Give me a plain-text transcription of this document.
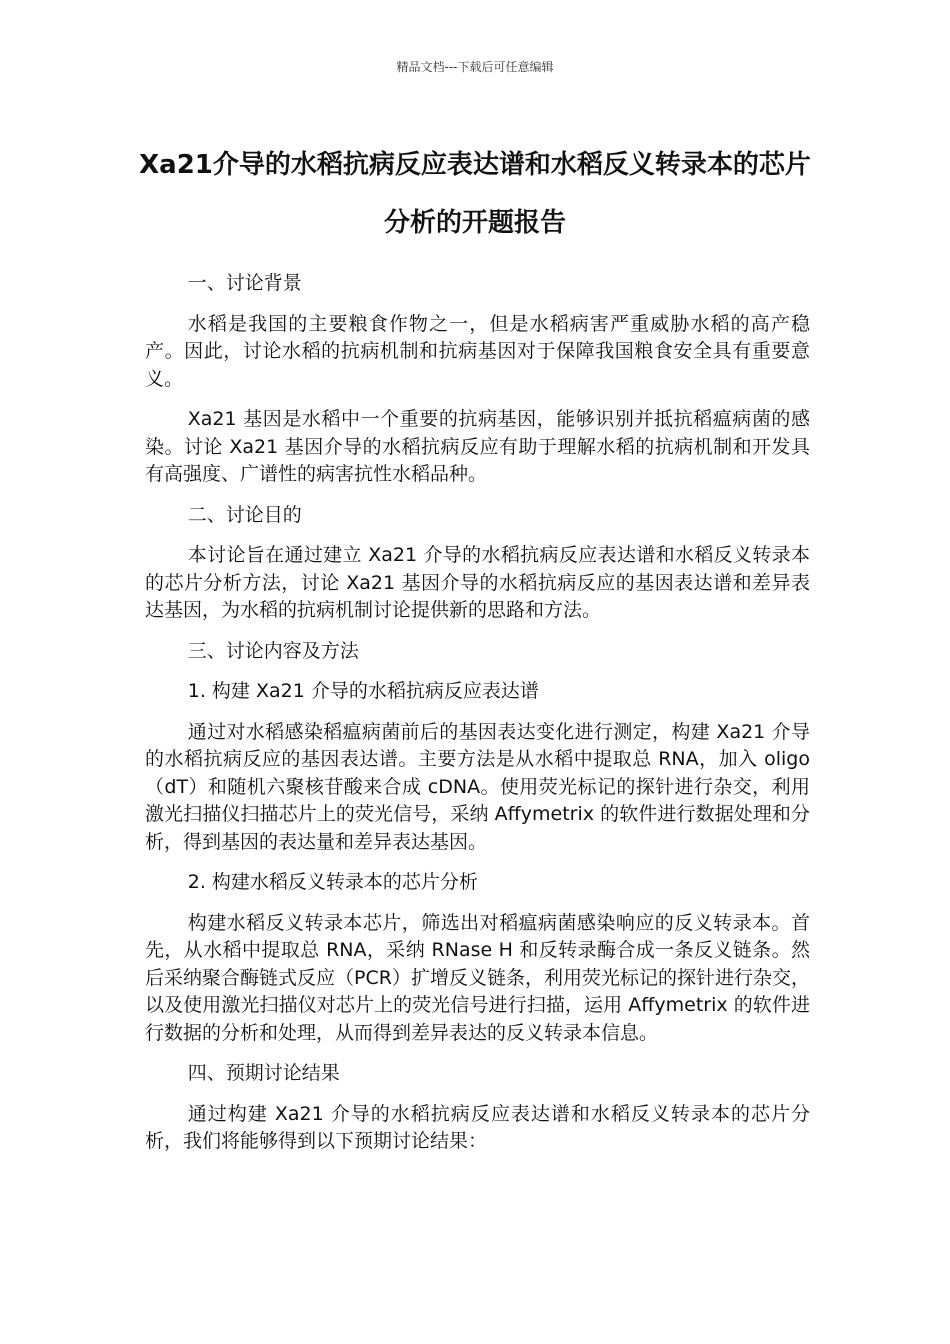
精品文档---下载后可任意编辑
Xa21介导的水稻抗病反应表达谱和水稻反义转录本的芯片分析的开题报告

一、讨论背景

水稻是我国的主要粮食作物之一，但是水稻病害严重威胁水稻的高产稳产。因此，讨论水稻的抗病机制和抗病基因对于保障我国粮食安全具有重要意义。

Xa21 基因是水稻中一个重要的抗病基因，能够识别并抵抗稻瘟病菌的感染。讨论 Xa21 基因介导的水稻抗病反应有助于理解水稻的抗病机制和开发具有高强度、广谱性的病害抗性水稻品种。

二、讨论目的

本讨论旨在通过建立 Xa21 介导的水稻抗病反应表达谱和水稻反义转录本的芯片分析方法，讨论 Xa21 基因介导的水稻抗病反应的基因表达谱和差异表达基因，为水稻的抗病机制讨论提供新的思路和方法。

三、讨论内容及方法

1. 构建 Xa21 介导的水稻抗病反应表达谱

通过对水稻感染稻瘟病菌前后的基因表达变化进行测定，构建 Xa21 介导的水稻抗病反应的基因表达谱。主要方法是从水稻中提取总 RNA，加入 oligo（dT）和随机六聚核苷酸来合成 cDNA。使用荧光标记的探针进行杂交，利用激光扫描仪扫描芯片上的荧光信号，采纳 Affymetrix 的软件进行数据处理和分析，得到基因的表达量和差异表达基因。

2. 构建水稻反义转录本的芯片分析

构建水稻反义转录本芯片，筛选出对稻瘟病菌感染响应的反义转录本。首先，从水稻中提取总 RNA，采纳 RNase H 和反转录酶合成一条反义链条。然后采纳聚合酶链式反应（PCR）扩增反义链条，利用荧光标记的探针进行杂交，以及使用激光扫描仪对芯片上的荧光信号进行扫描，运用 Affymetrix 的软件进行数据的分析和处理，从而得到差异表达的反义转录本信息。

四、预期讨论结果

通过构建 Xa21 介导的水稻抗病反应表达谱和水稻反义转录本的芯片分析，我们将能够得到以下预期讨论结果：
